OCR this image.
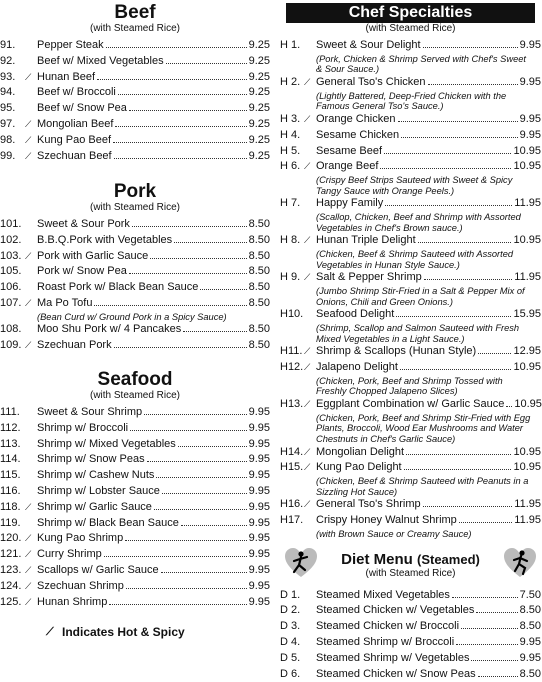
Beef
(with Steamed Rice)
91.	Pepper Steak	9.25
92.	Beef w/ Mixed Vegetables	9.25
93.	⟋ Hunan Beef	9.25
94.	Beef w/ Broccoli	9.25
95.	Beef w/ Snow Pea	9.25
97.	⟋ Mongolian Beef	9.25
98.	⟋ Kung Pao Beef	9.25
99.	⟋ Szechuan Beef	9.25
Pork
(with Steamed Rice)
101.	Sweet & Sour Pork	8.50
102.	B.B.Q.Pork with Vegetables	8.50
103. ⟋ Pork with Garlic Sauce	8.50
105.	Pork w/ Snow Pea	8.50
106.	Roast Pork w/ Black Bean Sauce	8.50
107. ⟋ Ma Po Tofu	8.50
(Bean Curd w/ Ground Pork in a Spicy Sauce)
108.	Moo Shu Pork w/ 4 Pancakes	8.50
109. ⟋ Szechuan Pork	8.50
Seafood
(with Steamed Rice)
111.	Sweet & Sour Shrimp	9.95
112.	Shrimp w/ Broccoli	9.95
113.	Shrimp w/ Mixed Vegetables	9.95
114.	Shrimp w/ Snow Peas	9.95
115.	Shrimp w/ Cashew Nuts	9.95
116.	Shrimp w/ Lobster Sauce	9.95
118. ⟋ Shrimp w/ Garlic Sauce	9.95
119.	Shrimp w/ Black Bean Sauce	9.95
120. ⟋ Kung Pao Shrimp	9.95
121. ⟋ Curry Shrimp	9.95
123. ⟋ Scallops w/ Garlic Sauce	9.95
124. ⟋ Szechuan Shrimp	9.95
125. ⟋ Hunan Shrimp	9.95
⟋ Indicates Hot & Spicy
Chef Specialties
(with Steamed Rice)
H 1.	Sweet & Sour Delight	9.95
(Pork, Chicken & Shrimp Served with Chef's Sweet & Sour Sauce.)
H 2. ⟋ General Tso's Chicken	9.95
(Lightly Battered, Deep-Fried Chicken with the Famous General Tso's Sauce.)
H 3. ⟋ Orange Chicken	9.95
H 4.	Sesame Chicken	9.95
H 5.	Sesame Beef	10.95
H 6. ⟋ Orange Beef	10.95
(Crispy Beef Strips Sauteed with Sweet & Spicy Tangy Sauce with Orange Peels.)
H 7.	Happy Family	11.95
(Scallop, Chicken, Beef and Shrimp with Assorted Vegetables in Chef's Brown sauce.)
H 8. ⟋ Hunan Triple Delight	10.95
(Chicken, Beef & Shrimp Sauteed with Assorted Vegetables in Hunan Style Sauce.)
H 9. ⟋ Salt & Pepper Shrimp	11.95
(Jumbo Shrimp Stir-Fried in a Salt & Pepper Mix of Onions, Chili and Green Onions.)
H10. Seafood Delight	15.95
(Shrimp, Scallop and Salmon Sauteed with Fresh Mixed Vegetables in a Light Sauce.)
H11. ⟋ Shrimp & Scallops (Hunan Style)	12.95
H12. ⟋ Jalapeno Delight	10.95
(Chicken, Pork, Beef and Shrimp Tossed with Freshly Chopped Jalapeno Slices)
H13. ⟋ Eggplant Combination w/ Garlic Sauce 10.95
(Chicken, Pork, Beef and Shrimp Stir-Fried with Egg Plants, Broccoli, Wood Ear Mushrooms and Water Chestnuts in Chef's Garlic Sauce)
H14. ⟋ Mongolian Delight	10.95
H15. ⟋ Kung Pao Delight	10.95
(Chicken, Beef & Shrimp Sauteed with Peanuts in a Sizzling Hot Sauce)
H16. ⟋ General Tso's Shrimp	11.95
H17. Crispy Honey Walnut Shrimp	11.95
(with Brown Sauce or Creamy Sauce)
Diet Menu (Steamed)
(with Steamed Rice)
D 1.	Steamed Mixed Vegetables	7.50
D 2.	Steamed Chicken w/ Vegetables	8.50
D 3.	Steamed Chicken w/ Broccoli	8.50
D 4.	Steamed Shrimp w/ Broccoli	9.95
D 5.	Steamed Shrimp w/ Vegetables	9.95
D 6.	Steamed Chicken w/ Snow Peas	8.50
